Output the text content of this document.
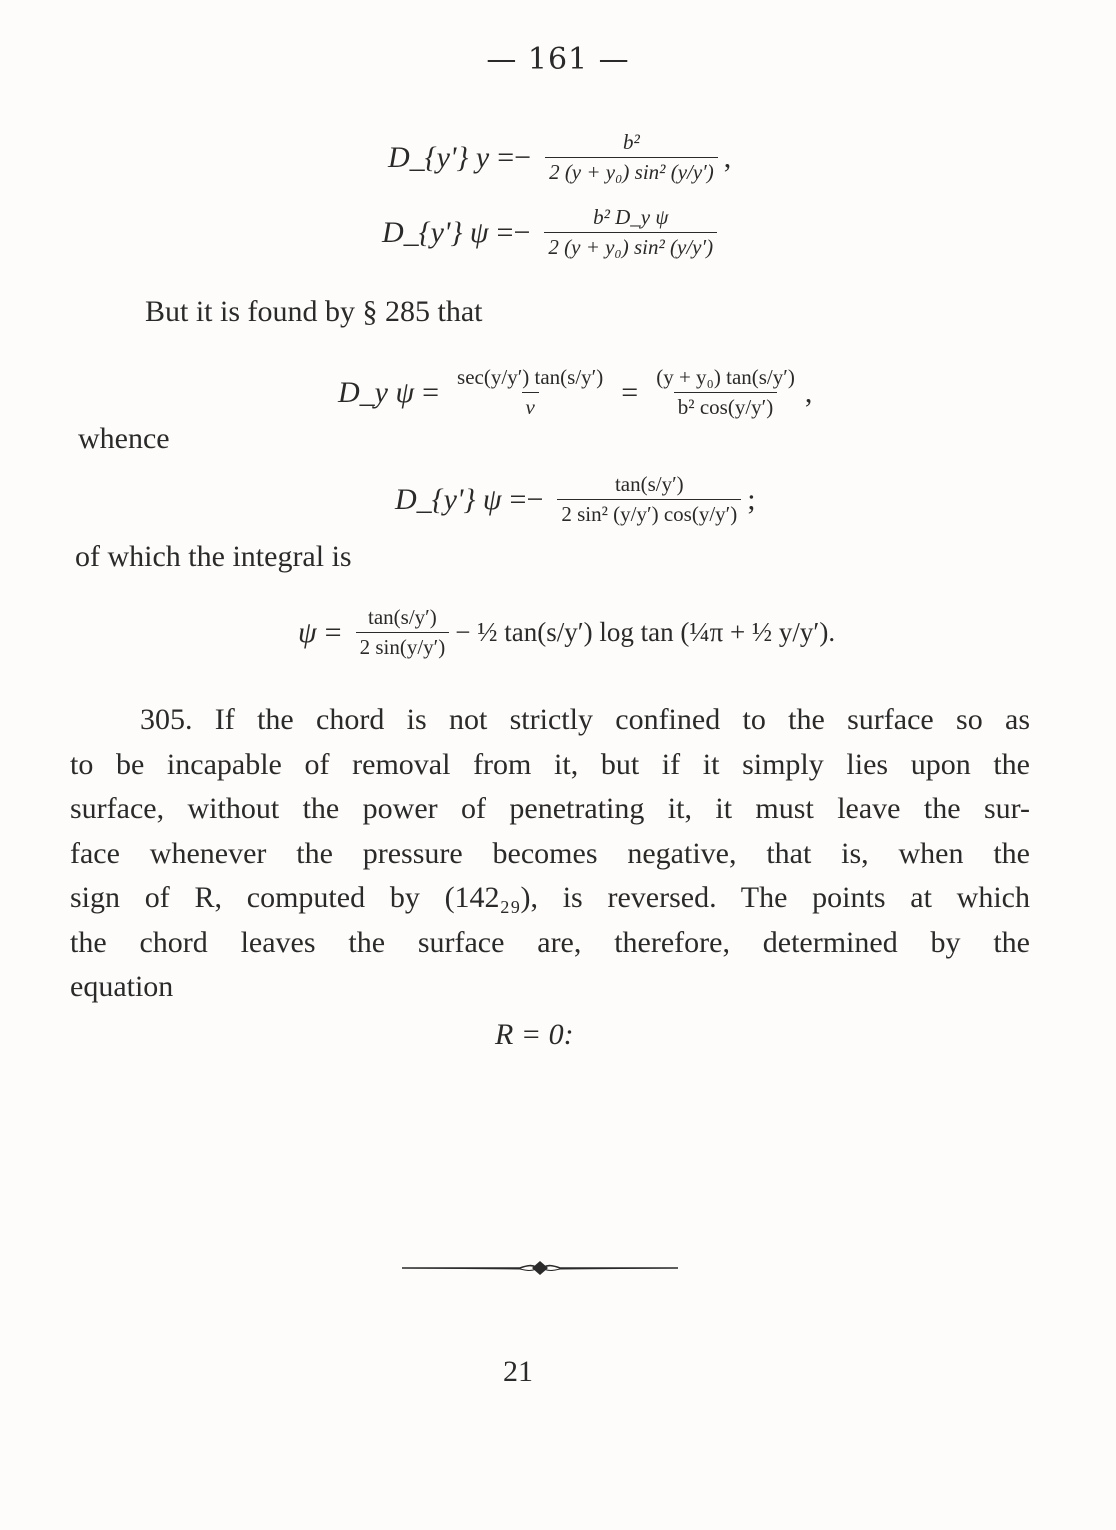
— 161 —
D_{y'} $y =- \frac{\text{b²}}{\text{2 (y + y₀) sin² (y/y′)}}$ ,
D_{y'} $\psi =- \frac{\text{b² D\_y ψ}}{\text{2 (y + y₀) sin² (y/y′)}}$
But it is found by § 285 that
D_y $\psi = \frac{\sec(y/y') \tan(s/y')}{v} = \frac{\text{(y + y₀) tan(s/y′)}}{\text{b² cos(y/y′)}}$ ,
whence
D_{y'} $\psi =- \frac{\tan(s/y')}{\text{2 sin² (y/y′) cos(y/y′)}}$ ;
of which the integral is
$\psi = \frac{\tan(s/y')}{2 \sin(y/y')}$ − ½ tan(s/y′) log tan (¼π + ½ y/y′).
305. If the chord is not strictly confined to the surface so as
to be incapable of removal from it, but if it simply lies upon the
surface, without the power of penetrating it, it must leave the sur-
face whenever the pressure becomes negative, that is, when the
sign of R, computed by (142₂₉), is reversed. The points at which
the chord leaves the surface are, therefore, determined by the
equation
R = 0:
21
